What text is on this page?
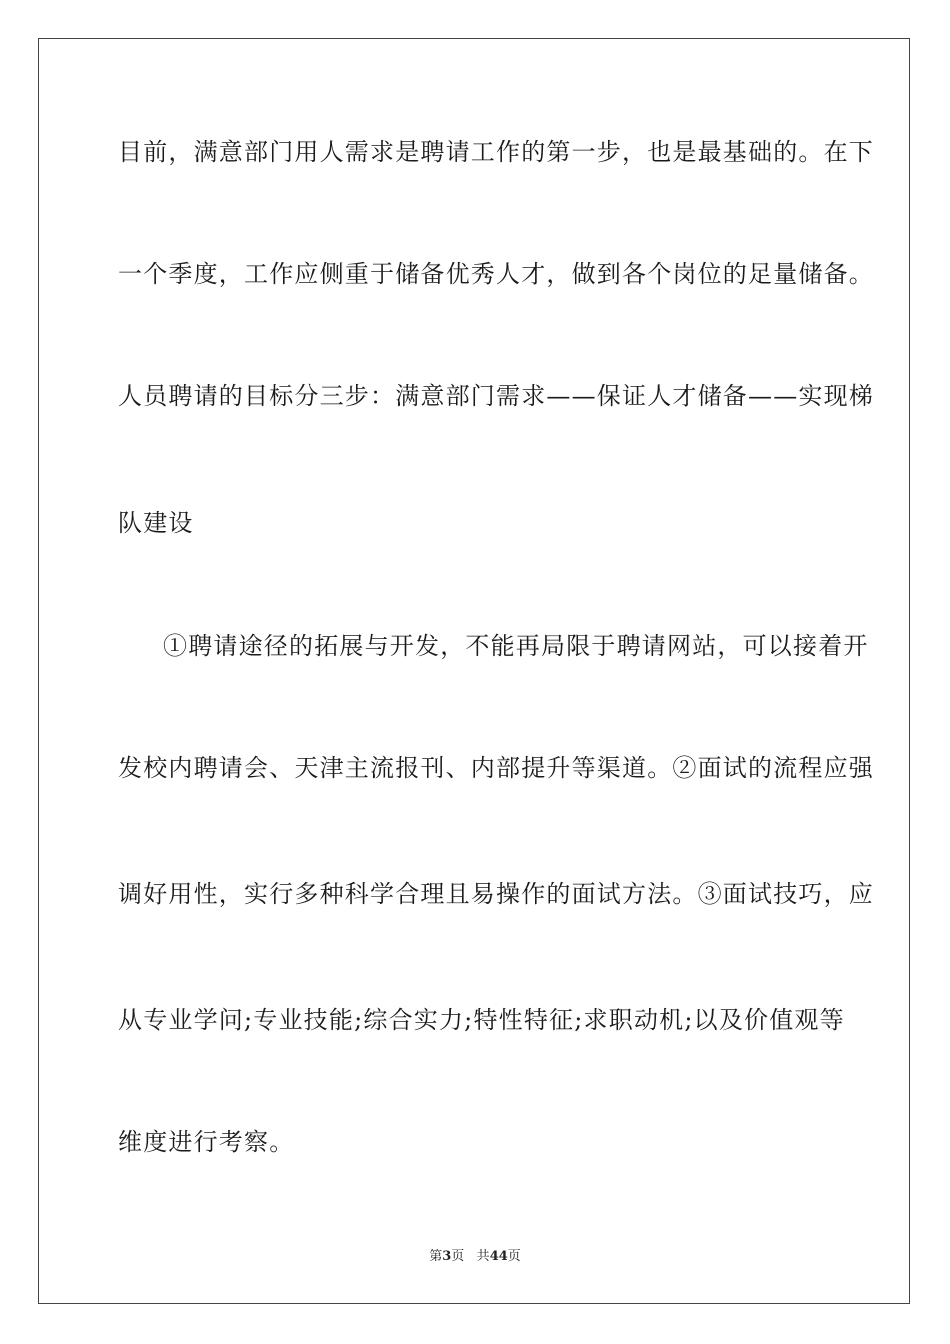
目前，满意部门用人需求是聘请工作的第一步，也是最基础的。在下
一个季度，工作应侧重于储备优秀人才，做到各个岗位的足量储备。
人员聘请的目标分三步：满意部门需求——保证人才储备——实现梯
队建设
①聘请途径的拓展与开发，不能再局限于聘请网站，可以接着开
发校内聘请会、天津主流报刊、内部提升等渠道。②面试的流程应强
调好用性，实行多种科学合理且易操作的面试方法。③面试技巧，应
从专业学问;专业技能;综合实力;特性特征;求职动机;以及价值观等
维度进行考察。
第3页 共44页
